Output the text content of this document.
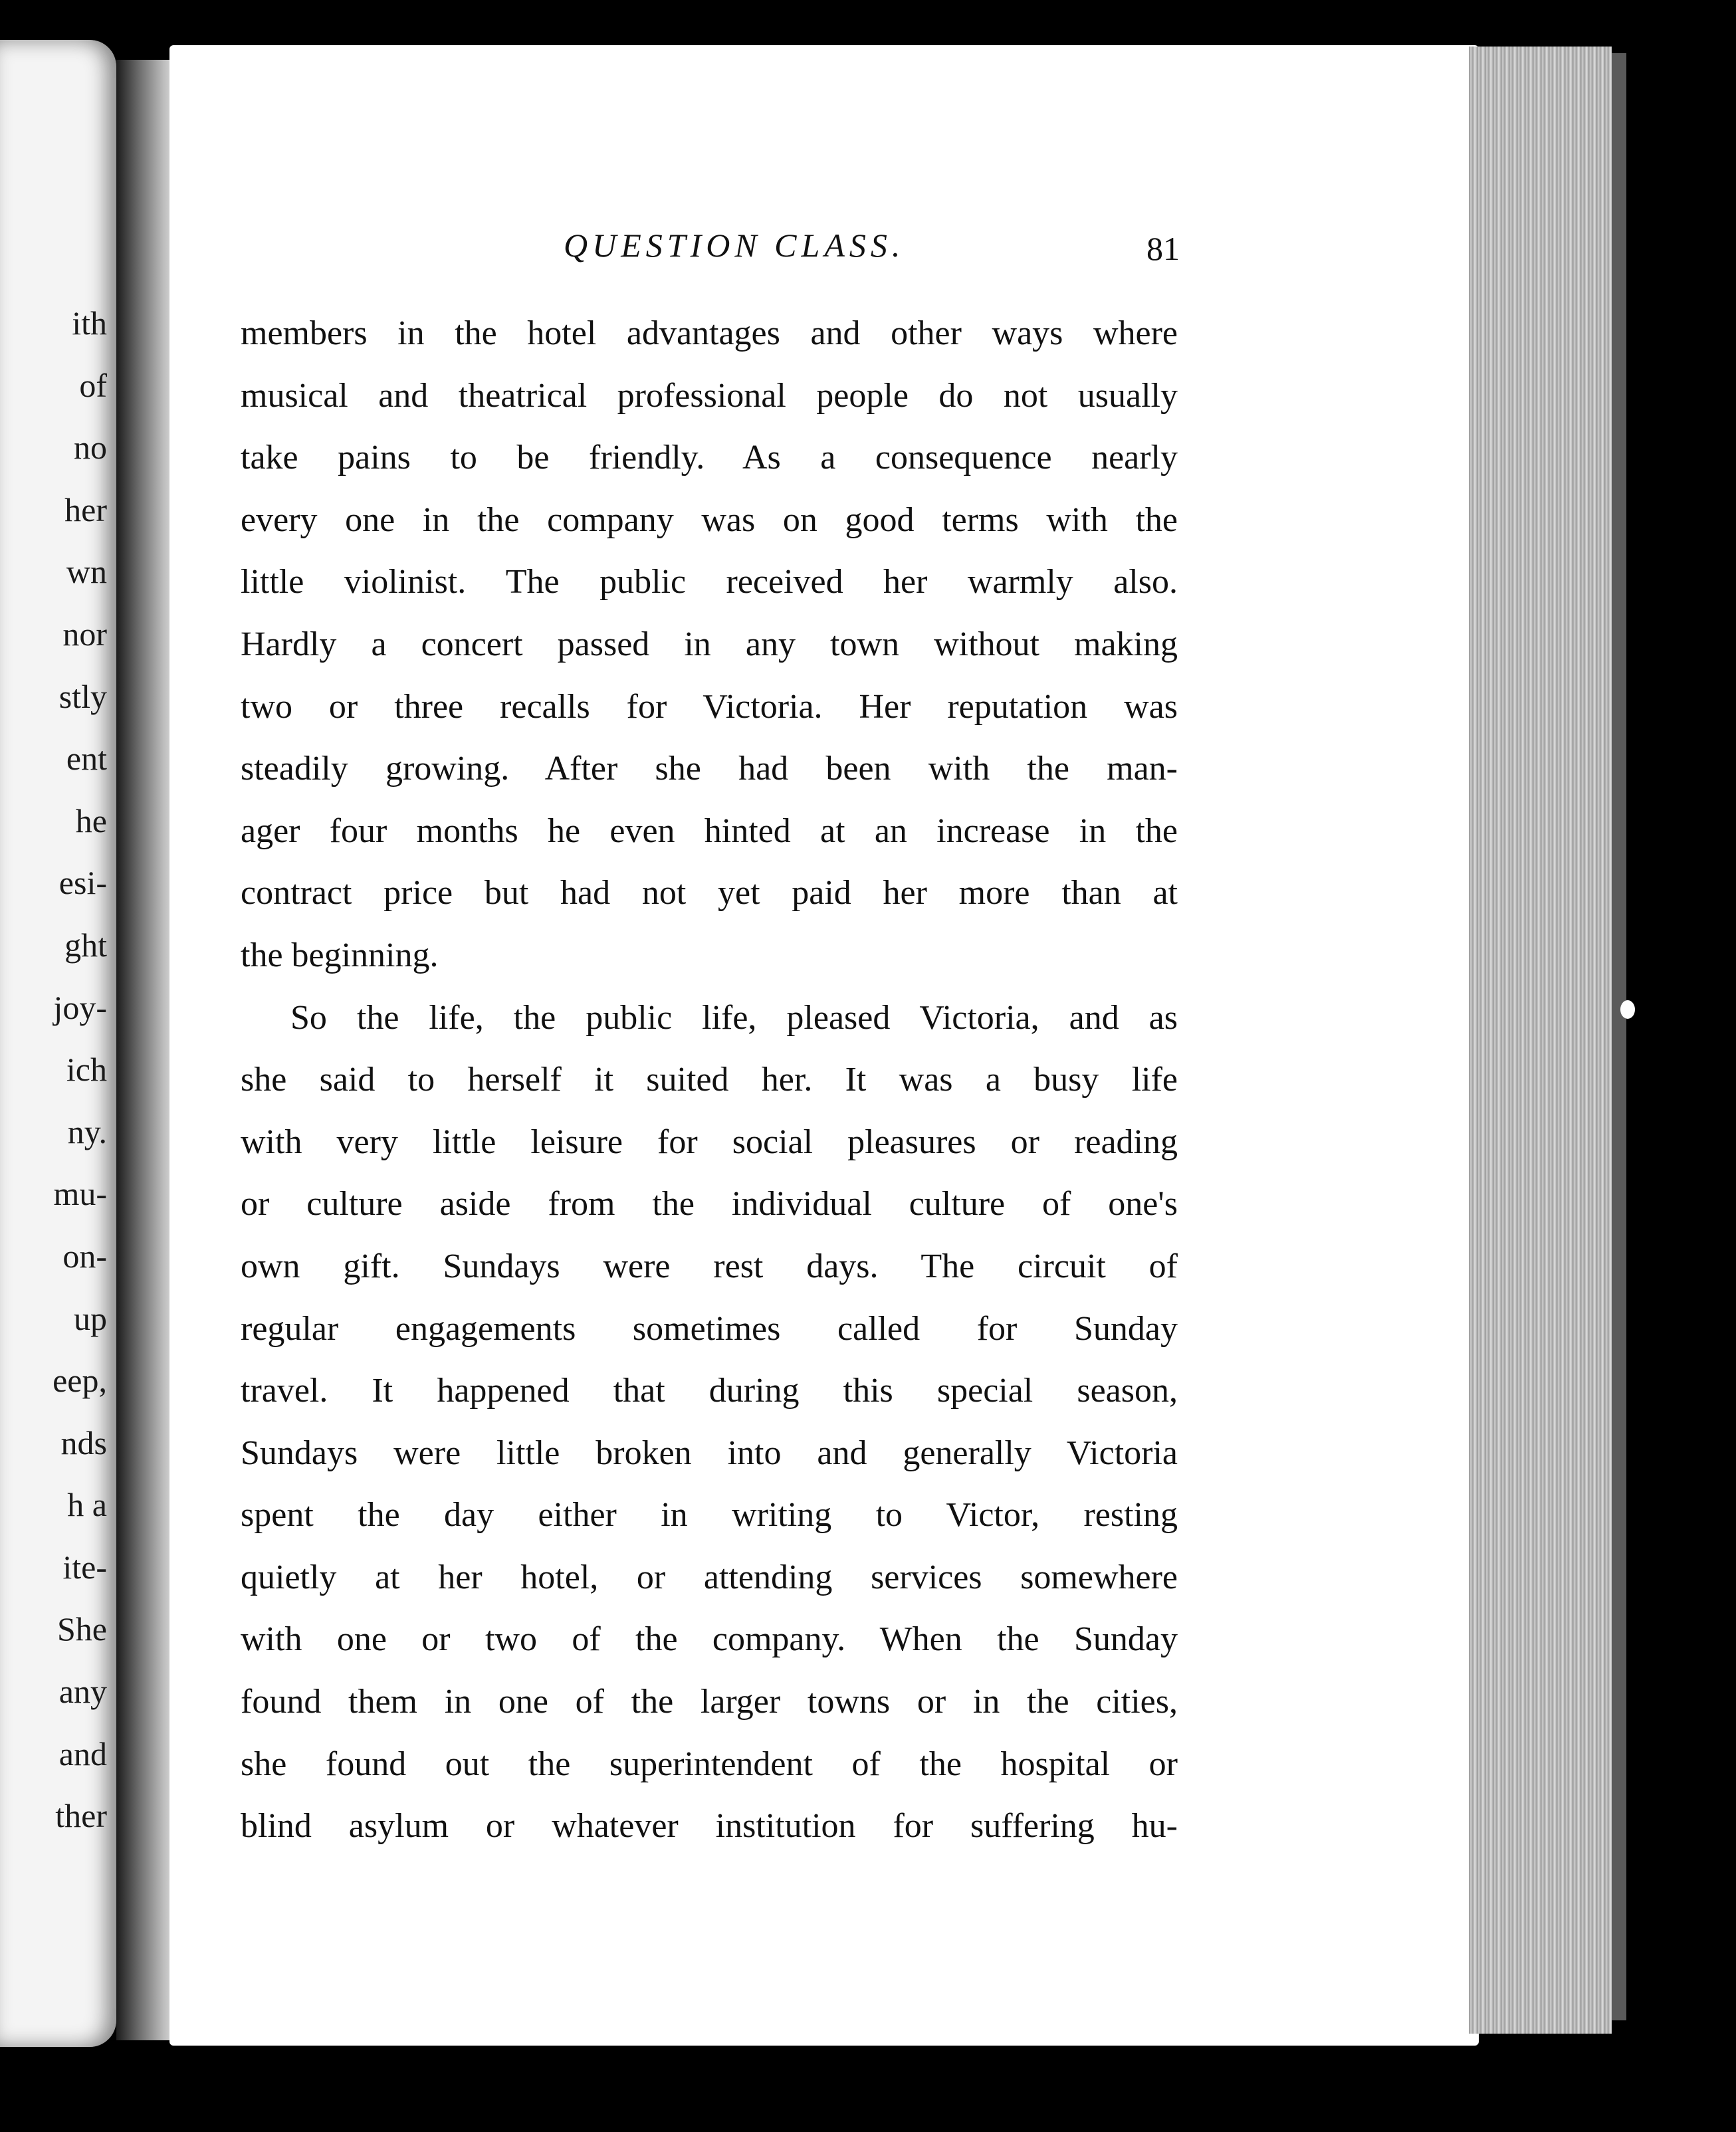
ith
of
no
her
wn
nor
stly
ent
he
esi-
ght
joy-
ich
ny.
mu-
on-
up
eep,
nds
h a
ite-
She
any
and
ther
QUESTION CLASS.	81
members in the hotel advantages and other ways where
musical and theatrical professional people do not usually
take pains to be friendly. As a consequence nearly
every one in the company was on good terms with the
little violinist. The public received her warmly also.
Hardly a concert passed in any town without making
two or three recalls for Victoria. Her reputation was
steadily growing. After she had been with the man-
ager four months he even hinted at an increase in the
contract price but had not yet paid her more than at
the beginning.
So the life, the public life, pleased Victoria, and as
she said to herself it suited her. It was a busy life
with very little leisure for social pleasures or reading
or culture aside from the individual culture of one's
own gift. Sundays were rest days. The circuit of
regular engagements sometimes called for Sunday
travel. It happened that during this special season,
Sundays were little broken into and generally Victoria
spent the day either in writing to Victor, resting
quietly at her hotel, or attending services somewhere
with one or two of the company. When the Sunday
found them in one of the larger towns or in the cities,
she found out the superintendent of the hospital or
blind asylum or whatever institution for suffering hu-
